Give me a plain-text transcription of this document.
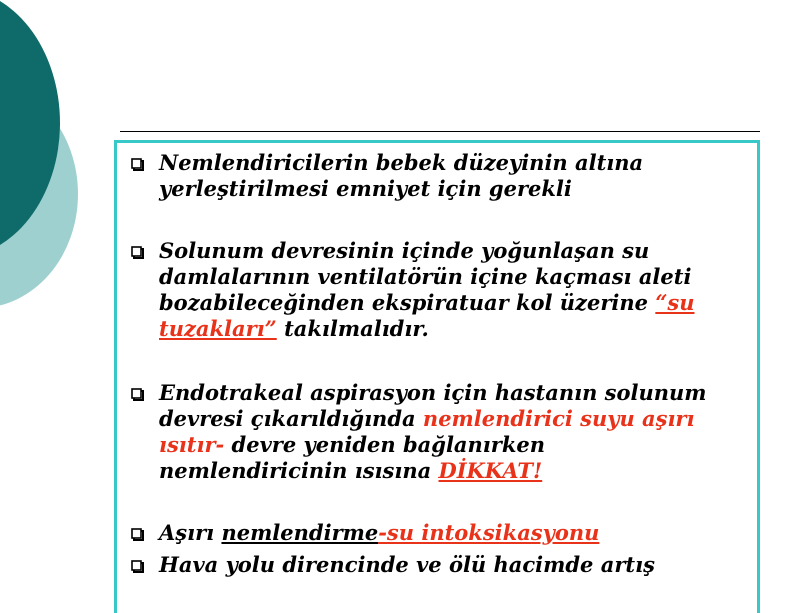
Nemlendiricilerin bebek düzeyinin altına yerleştirilmesi emniyet için gerekli
Solunum devresinin içinde yoğunlaşan su damlalarının ventilatörün içine kaçması aleti bozabileceğinden ekspiratuar kol üzerine “su tuzakları” takılmalıdır.
Endotrakeal aspirasyon için hastanın solunum devresi çıkarıldığında nemlendirici suyu aşırı ısıtır- devre yeniden bağlanırken nemlendiricinin ısısına DİKKAT!
Aşırı nemlendirme-su intoksikasyonu
Hava yolu direncinde ve ölü hacimde artış
